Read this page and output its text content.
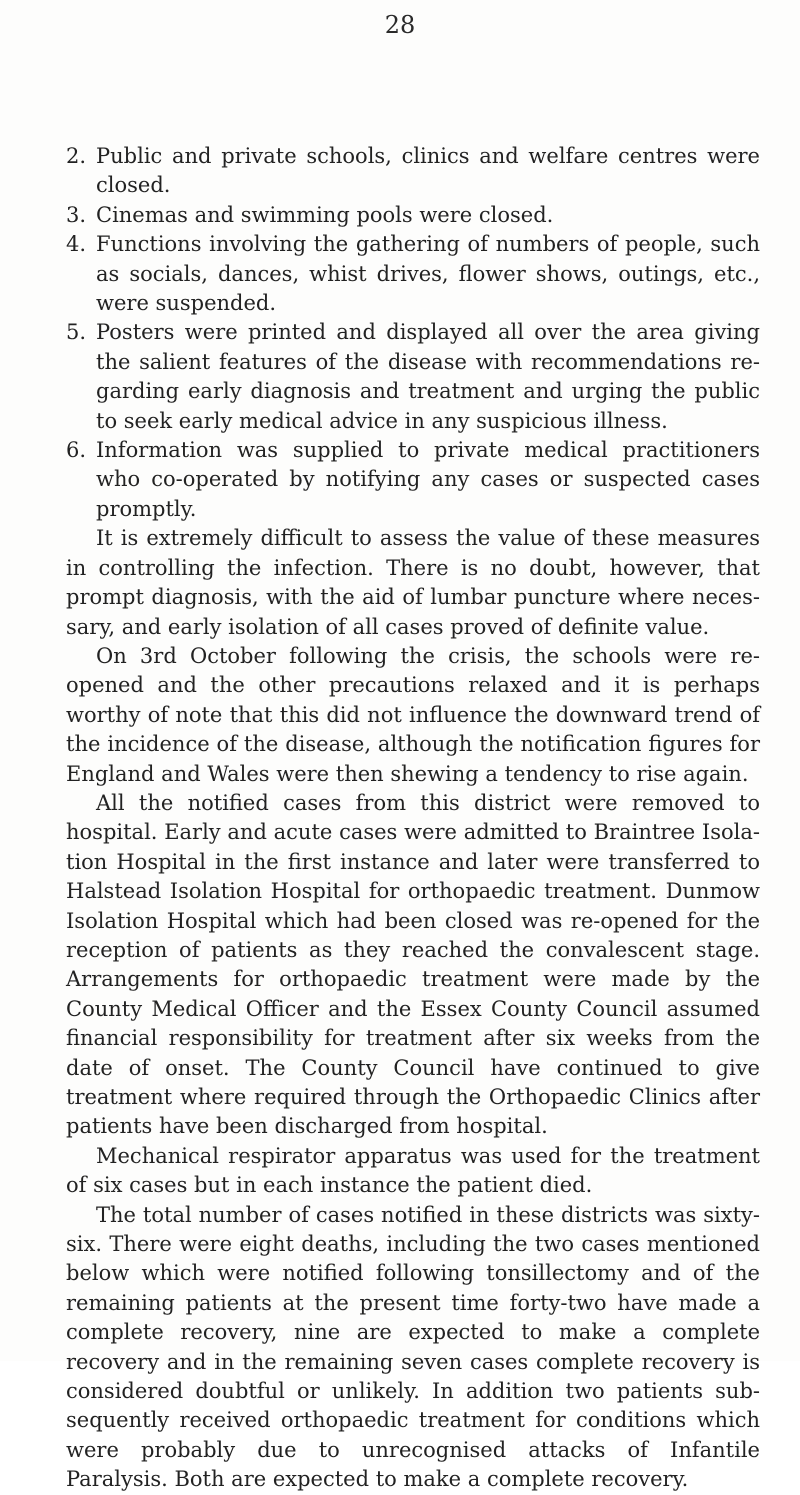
28
2. Public and private schools, clinics and welfare centres were closed.
3. Cinemas and swimming pools were closed.
4. Functions involving the gathering of numbers of people, such as socials, dances, whist drives, flower shows, outings, etc., were suspended.
5. Posters were printed and displayed all over the area giving the salient features of the disease with recommendations regarding early diagnosis and treatment and urging the public to seek early medical advice in any suspicious illness.
6. Information was supplied to private medical practitioners who co-operated by notifying any cases or suspected cases promptly.

It is extremely difficult to assess the value of these measures in controlling the infection. There is no doubt, however, that prompt diagnosis, with the aid of lumbar puncture where necessary, and early isolation of all cases proved of definite value.

On 3rd October following the crisis, the schools were reopened and the other precautions relaxed and it is perhaps worthy of note that this did not influence the downward trend of the incidence of the disease, although the notification figures for England and Wales were then shewing a tendency to rise again.

All the notified cases from this district were removed to hospital. Early and acute cases were admitted to Braintree Isolation Hospital in the first instance and later were transferred to Halstead Isolation Hospital for orthopaedic treatment. Dunmow Isolation Hospital which had been closed was re-opened for the reception of patients as they reached the convalescent stage. Arrangements for orthopaedic treatment were made by the County Medical Officer and the Essex County Council assumed financial responsibility for treatment after six weeks from the date of onset. The County Council have continued to give treatment where required through the Orthopaedic Clinics after patients have been discharged from hospital.

Mechanical respirator apparatus was used for the treatment of six cases but in each instance the patient died.

The total number of cases notified in these districts was sixty-six. There were eight deaths, including the two cases mentioned below which were notified following tonsillectomy and of the remaining patients at the present time forty-two have made a complete recovery, nine are expected to make a complete recovery and in the remaining seven cases complete recovery is considered doubtful or unlikely. In addition two patients subsequently received orthopaedic treatment for conditions which were probably due to unrecognised attacks of Infantile Paralysis. Both are expected to make a complete recovery.
